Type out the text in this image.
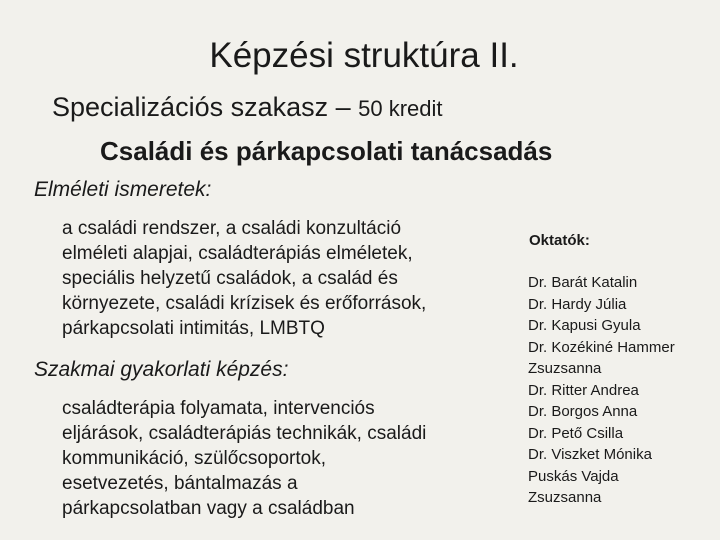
Képzési struktúra II.
Specializációs szakasz – 50 kredit
Családi és párkapcsolati tanácsadás
Elméleti ismeretek:
a családi rendszer, a családi konzultáció
elméleti alapjai, családterápiás elméletek,
speciális helyzetű családok, a család és
környezete, családi krízisek és erőforrások,
párkapcsolati intimitás, LMBTQ
Szakmai gyakorlati képzés:
családterápia folyamata, intervenciós
eljárások, családterápiás technikák, családi
kommunikáció, szülőcsoportok,
esetvezetés, bántalmazás a
párkapcsolatban vagy a családban
Oktatók:
Dr. Barát Katalin
Dr. Hardy Júlia
Dr. Kapusi Gyula
Dr. Kozékiné Hammer
Zsuzsanna
Dr. Ritter Andrea
Dr. Borgos Anna
Dr. Pető Csilla
Dr. Viszket Mónika
Puskás Vajda
Zsuzsanna
